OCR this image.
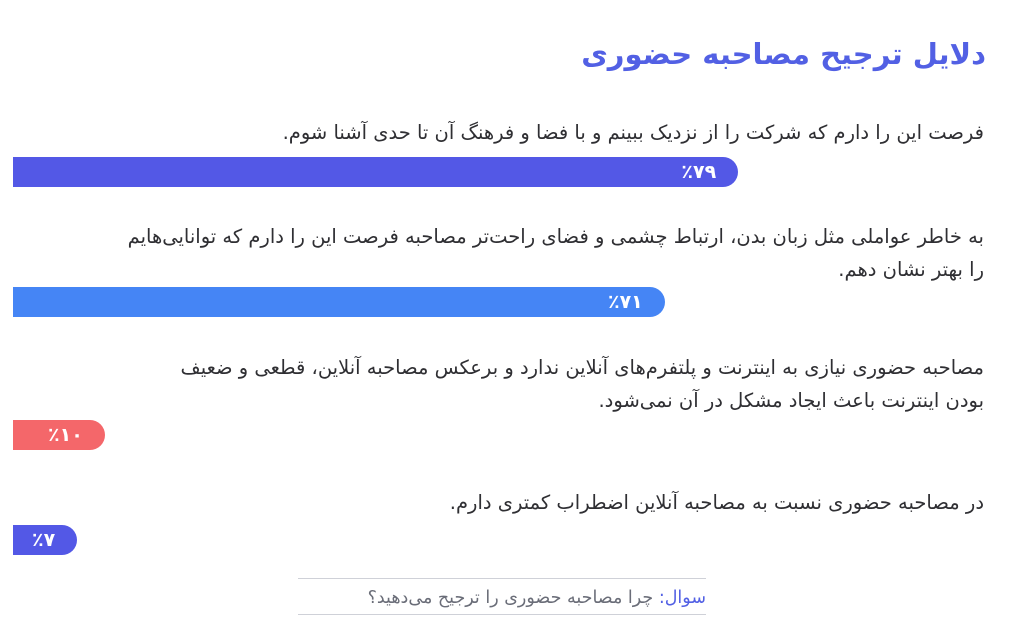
دلایل ترجیح مصاحبه حضوری
فرصت این را دارم که شرکت را از نزدیک ببینم و با فضا و فرهنگ آن تا حدی آشنا شوم.
٪۷۹
به خاطر عواملی مثل زبان بدن، ارتباط چشمی و فضای راحت‌تر مصاحبه فرصت این را دارم که توانایی‌هایم
را بهتر نشان دهم.
٪۷۱
مصاحبه حضوری نیازی به اینترنت و پلتفرم‌های آنلاین ندارد و برعکس مصاحبه آنلاین، قطعی و ضعیف
بودن اینترنت باعث ایجاد مشکل در آن نمی‌شود.
٪۱۰
در مصاحبه حضوری نسبت به مصاحبه آنلاین اضطراب کمتری دارم.
٪۷
سوال: چرا مصاحبه حضوری را ترجیح می‌دهید؟
